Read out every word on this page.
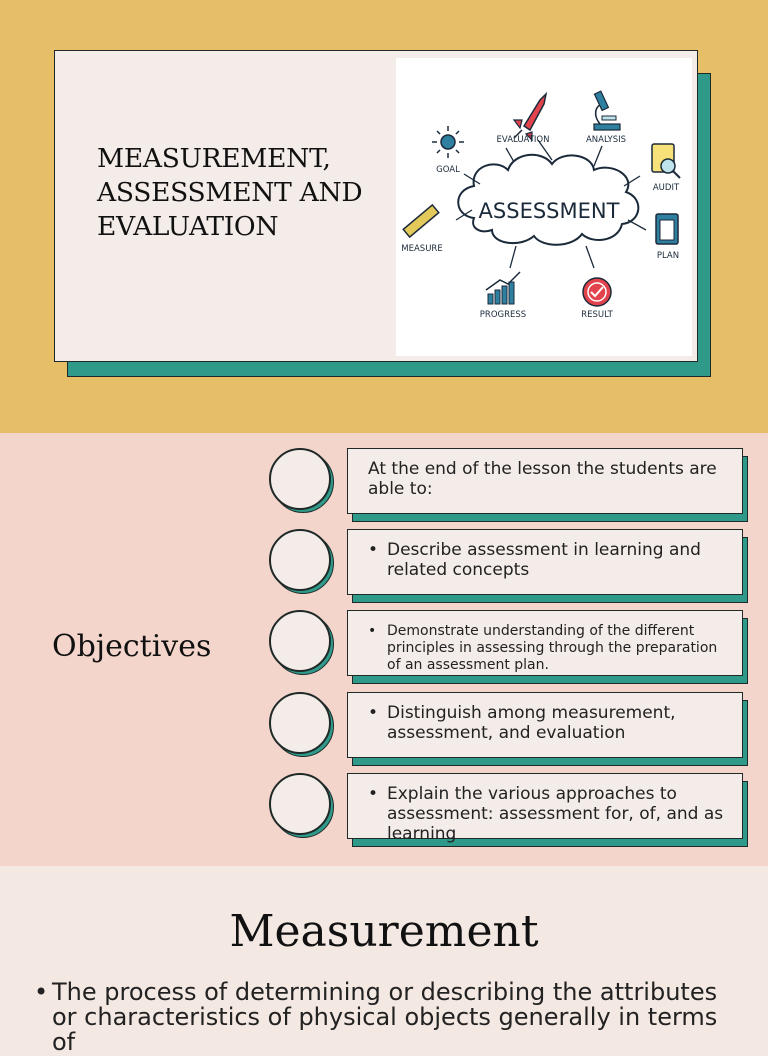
MEASUREMENT,
ASSESSMENT AND
EVALUATION	ASSESSMENT
GOAL
EVALUATION	ANALYSIS
AUDIT
MEASURE
PLAN
PROGRESS	RESULT
Objectives
At the end of the lesson the students are able to:
• Describe assessment in learning and related concepts
• Demonstrate understanding of the different principles in assessing through the preparation of an assessment plan.
• Distinguish among measurement, assessment, and evaluation
• Explain the various approaches to assessment: assessment for, of, and as learning
Measurement
• The process of determining or describing the attributes or characteristics of physical objects generally in terms of
